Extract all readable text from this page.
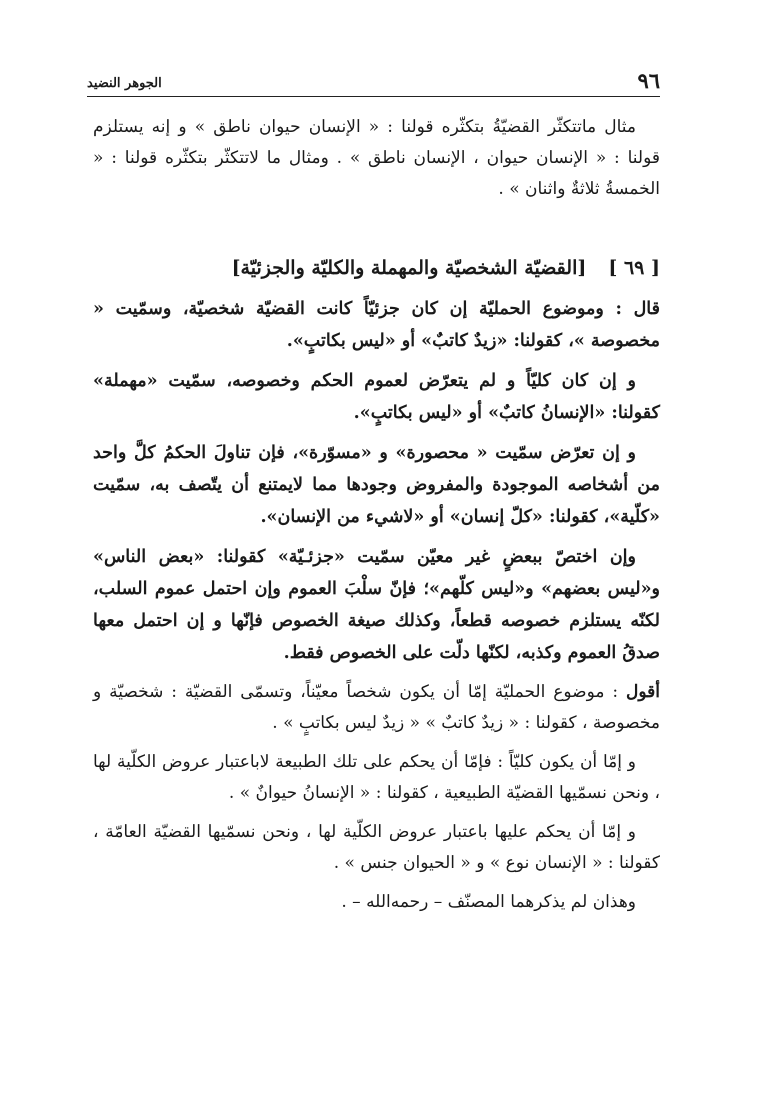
الجوهر النضيد	٩٦

مثال ماتتكثّر القضيّةُ بتكثّره قولنا : « الإنسان حيوان ناطق » و إنه يستلزم قولنا : « الإنسان حيوان ، الإنسان ناطق » . ومثال ما لاتتكثّر بتكثّره قولنا : « الخمسةُ ثلاثةٌ واثنان » .

[ ٦٩ ]
[القضيّة الشخصيّة والمهملة والكليّة والجزئيّة]

قال : وموضوع الحمليّة إن كان جزئيّاً كانت القضيّة شخصيّة، وسمّيت « مخصوصة »، كقولنا: «زيدٌ كاتبٌ» أو «ليس بكاتبٍ».

و إن كان كليّاً و لم يتعرّض لعموم الحكم وخصوصه، سمّيت «مهملة» كقولنا: «الإنسانُ كاتبٌ» أو «ليس بكاتبٍ».

و إن تعرّض سمّيت « محصورة» و «مسوّرة»، فإن تناولَ الحكمُ كلَّ واحد من أشخاصه الموجودة والمفروض وجودها مما لايمتنع أن يتّصف به، سمّيت «كلّية»، كقولنا: «كلّ إنسان» أو «لاشيء من الإنسان».

وإن اختصّ ببعضٍ غير معيّن سمّيت «جزئـيّة» كقولنا: «بعض الناس» و«ليس بعضهم» و«ليس كلّهم»؛ فإنّ سلْبَ العموم وإن احتمل عموم السلب، لكنّه يستلزم خصوصه قطعاً، وكذلك صيغة الخصوص فإنّها و إن احتمل معها صدقُ العموم وكذبه، لكنّها دلّت على الخصوص فقط.

أقول : موضوع الحمليّة إمّا أن يكون شخصاً معيّناً، وتسمّى القضيّة : شخصيّة و مخصوصة ، كقولنا : « زيدٌ كاتبٌ » « زيدٌ ليس بكاتبٍ » .

و إمّا أن يكون كليّاً : فإمّا أن يحكم على تلك الطبيعة لاباعتبار عروض الكلّية لها ، ونحن نسمّيها القضيّة الطبيعية ، كقولنا : « الإنسانُ حيوانٌ » .

و إمّا أن يحكم عليها باعتبار عروض الكلّية لها ، ونحن نسمّيها القضيّة العامّة ، كقولنا : « الإنسان نوع » و « الحيوان جنس » .

وهذان لم يذكرهما المصنّف – رحمه‌الله – .
